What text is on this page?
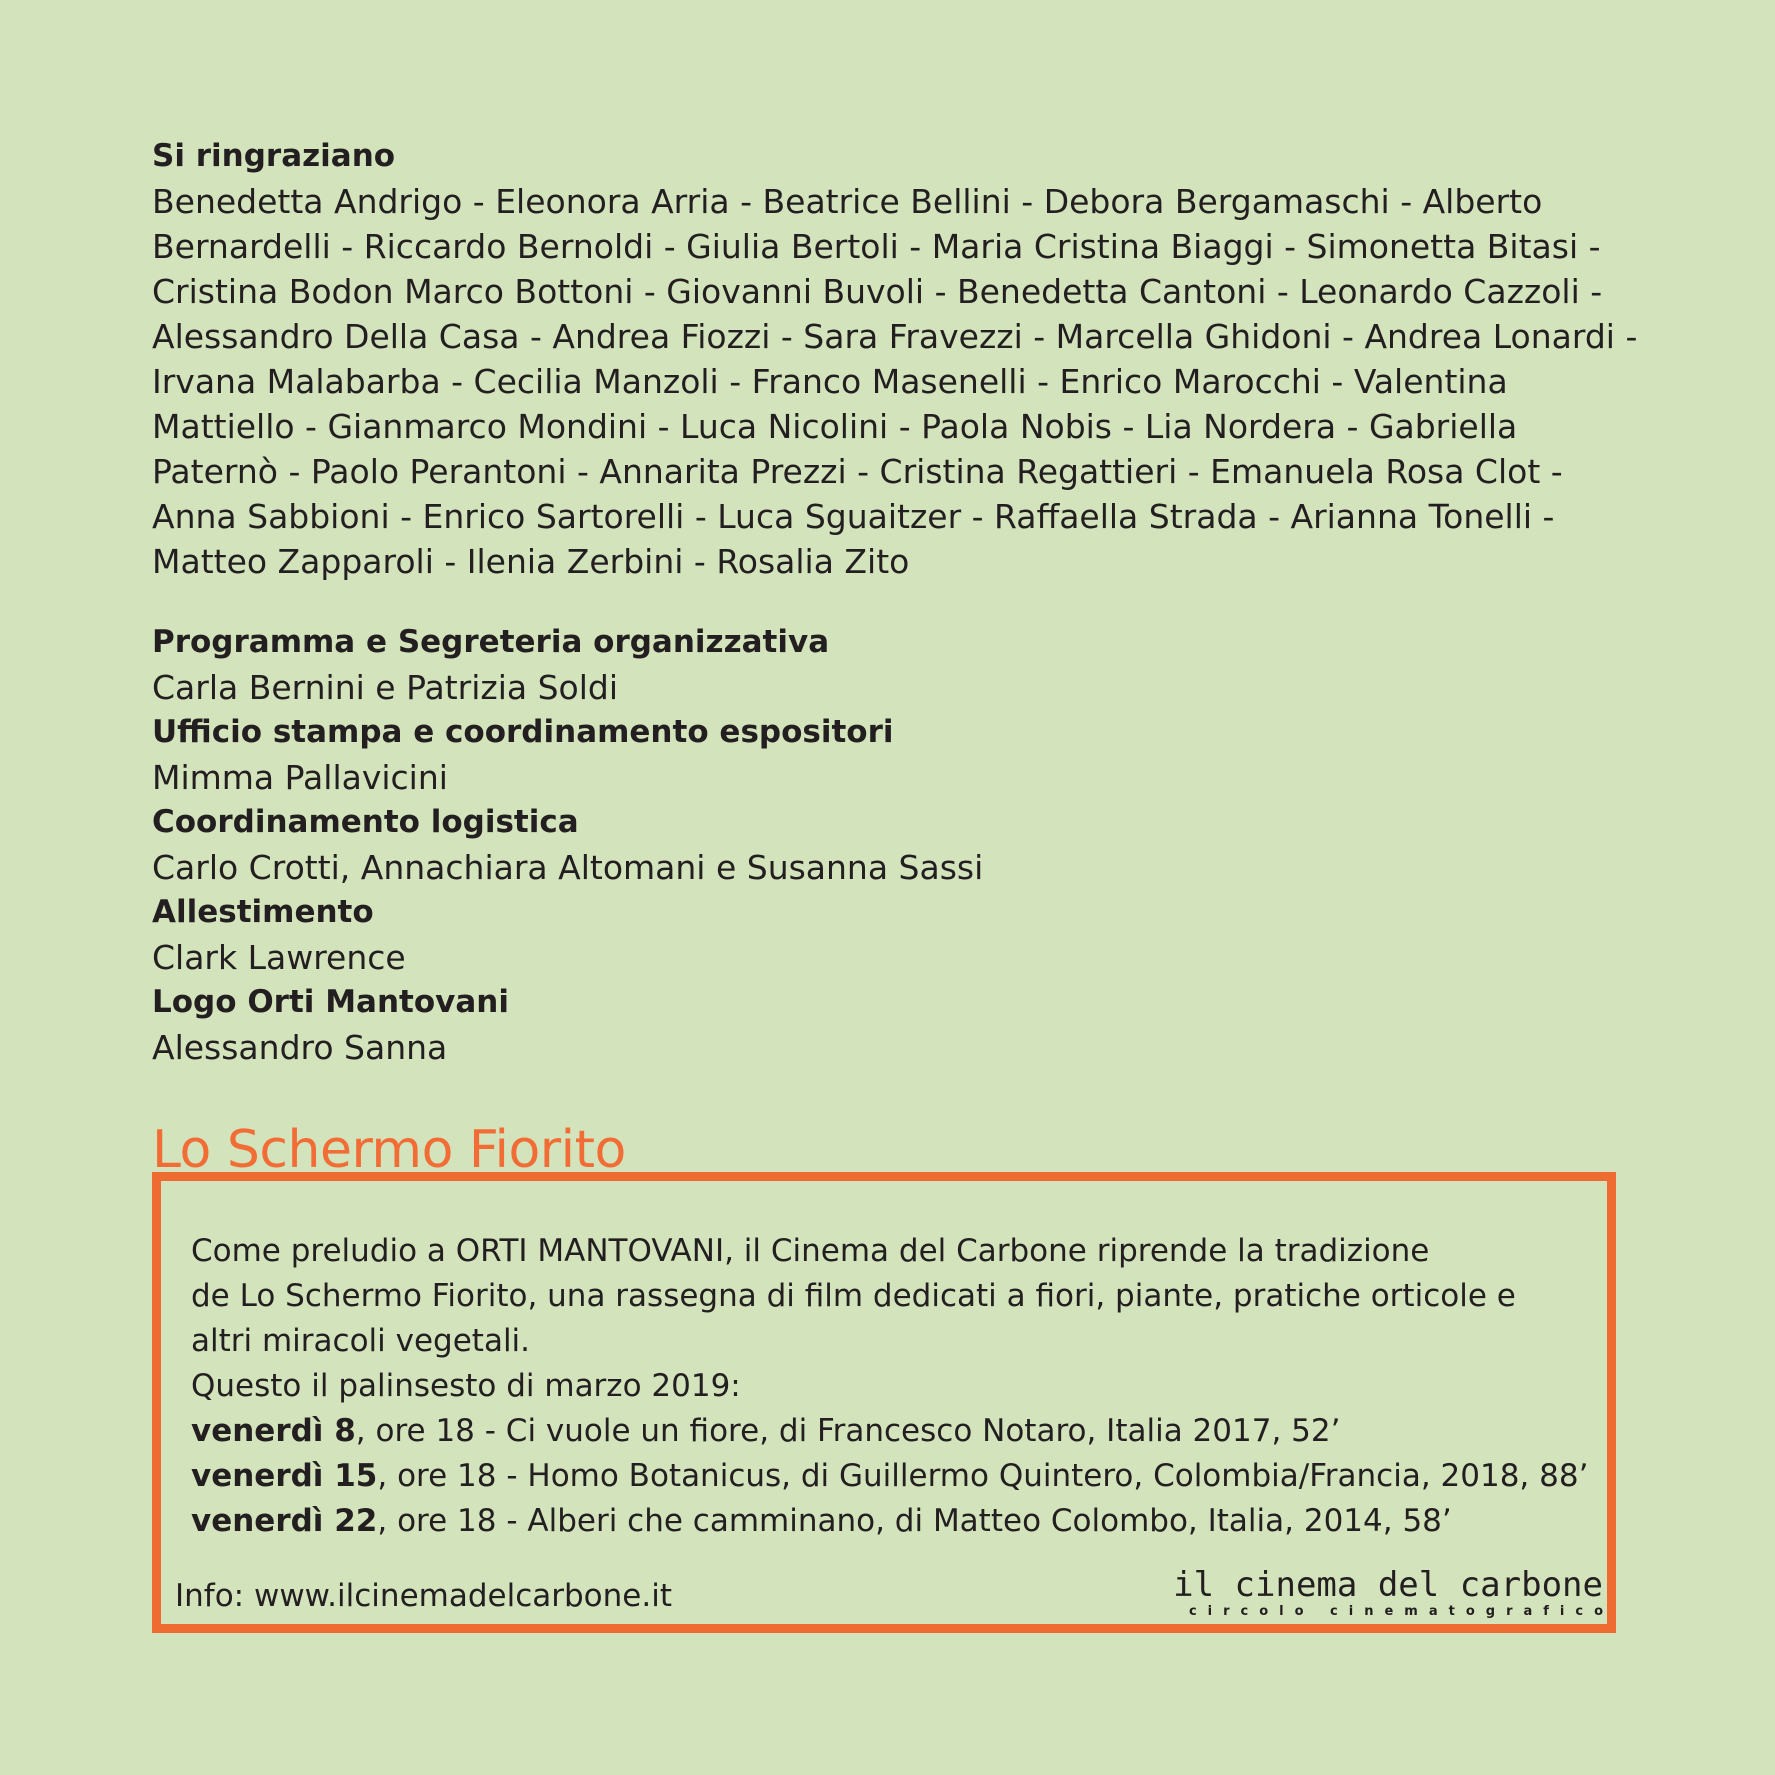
Si ringraziano
Benedetta Andrigo - Eleonora Arria - Beatrice Bellini - Debora Bergamaschi - Alberto Bernardelli - Riccardo Bernoldi - Giulia Bertoli - Maria Cristina Biaggi - Simonetta Bitasi - Cristina Bodon Marco Bottoni - Giovanni Buvoli - Benedetta Cantoni - Leonardo Cazzoli - Alessandro Della Casa - Andrea Fiozzi - Sara Fravezzi - Marcella Ghidoni - Andrea Lonardi - Irvana Malabarba - Cecilia Manzoli - Franco Masenelli - Enrico Marocchi - Valentina Mattiello - Gianmarco Mondini - Luca Nicolini - Paola Nobis - Lia Nordera - Gabriella Paternò - Paolo Perantoni - Annarita Prezzi - Cristina Regattieri - Emanuela Rosa Clot - Anna Sabbioni - Enrico Sartorelli - Luca Sguaitzer - Raffaella Strada - Arianna Tonelli - Matteo Zapparoli - Ilenia Zerbini - Rosalia Zito
Programma e Segreteria organizzativa
Carla Bernini e Patrizia Soldi
Ufficio stampa e coordinamento espositori
Mimma Pallavicini
Coordinamento logistica
Carlo Crotti, Annachiara Altomani e Susanna Sassi
Allestimento
Clark Lawrence
Logo Orti Mantovani
Alessandro Sanna
Lo Schermo Fiorito
Come preludio a ORTI MANTOVANI, il Cinema del Carbone riprende la tradizione
de Lo Schermo Fiorito, una rassegna di film dedicati a fiori, piante, pratiche orticole e
altri miracoli vegetali.
Questo il palinsesto di marzo 2019:
venerdì 8, ore 18 - Ci vuole un fiore, di Francesco Notaro, Italia 2017, 52’
venerdì 15, ore 18 - Homo Botanicus, di Guillermo Quintero, Colombia/Francia, 2018, 88’
venerdì 22, ore 18 - Alberi che camminano, di Matteo Colombo, Italia, 2014, 58’
Info: www.ilcinemadelcarbone.it	il cinema del carbone
circolo cinematografico
